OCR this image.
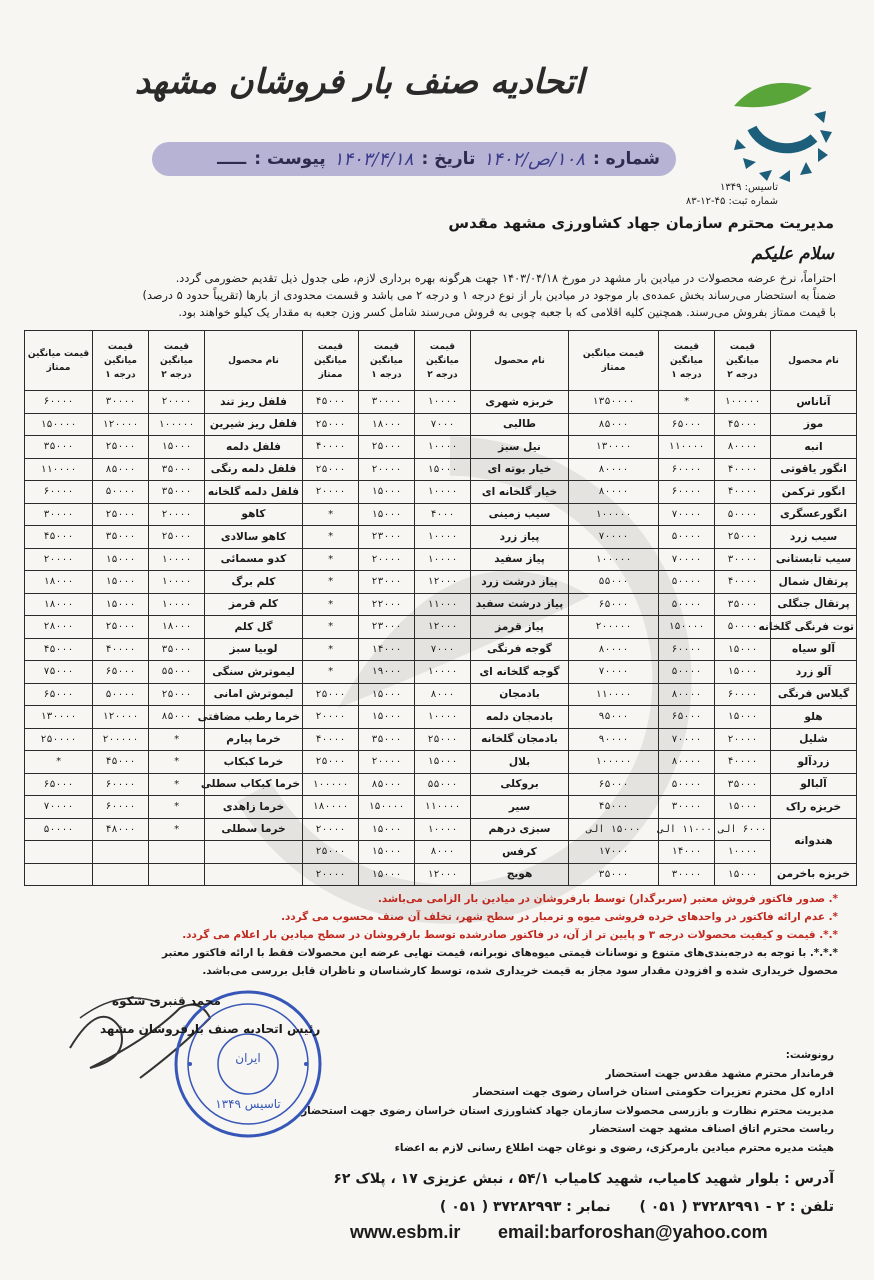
اتحادیه صنف بار فروشان مشهد
تاسیس: ۱۳۴۹
شماره ثبت: ۴۵-۱۲-۸۳
شماره :
۱۰۸/ص/۱۴۰۲
تاریخ :
۱۴۰۳/۴/۱۸
پیوست :
ـــــ
مدیریت محترم سازمان جهاد کشاورزی مشهد مقدس
سلام علیکم

احتراماً، نرخ عرضه محصولات در میادین بار مشهد در مورخ ۱۴۰۳/۰۴/۱۸ جهت هرگونه بهره برداری لازم، طی جدول ذیل تقدیم حضورمی گردد.

ضمناً به استحضار می‌رساند بخش عمده‌ی بار موجود در میادین بار از نوع درجه ۱ و درجه ۲ می باشد و قسمت محدودی از بارها (تقریباً حدود ۵ درصد)

با قیمت ممتاز بفروش می‌رسند. همچنین کلیه اقلامی که با جعبه چوبی به فروش می‌رسند شامل کسر وزن جعبه به مقدار یک کیلو خواهند بود.

نام محصول	قیمت میانگین درجه ۲	قیمت میانگین درجه ۱	قیمت میانگین ممتاز	نام محصول	قیمت میانگین درجه ۲	قیمت میانگین درجه ۱	قیمت میانگین ممتاز	نام محصول	قیمت میانگین درجه ۲	قیمت میانگین درجه ۱	قیمت میانگین ممتاز
آناناس	۱۰۰۰۰۰	*	۱۳۵۰۰۰۰	خربزه شهری	۱۰۰۰۰	۳۰۰۰۰	۴۵۰۰۰	فلفل ریز تند	۲۰۰۰۰	۳۰۰۰۰	۶۰۰۰۰
موز	۴۵۰۰۰	۶۵۰۰۰	۸۵۰۰۰	طالبی	۷۰۰۰	۱۸۰۰۰	۲۵۰۰۰	فلفل ریز شیرین	۱۰۰۰۰۰	۱۲۰۰۰۰	۱۵۰۰۰۰
انبه	۸۰۰۰۰	۱۱۰۰۰۰	۱۳۰۰۰۰	نیل سبز	۱۰۰۰۰	۲۵۰۰۰	۴۰۰۰۰	فلفل دلمه	۱۵۰۰۰	۲۵۰۰۰	۳۵۰۰۰
انگور یاقوتی	۴۰۰۰۰	۶۰۰۰۰	۸۰۰۰۰	خیار بوته ای	۱۵۰۰۰	۲۰۰۰۰	۲۵۰۰۰	فلفل دلمه رنگی	۳۵۰۰۰	۸۵۰۰۰	۱۱۰۰۰۰
انگور ترکمن	۴۰۰۰۰	۶۰۰۰۰	۸۰۰۰۰	خیار گلخانه ای	۱۰۰۰۰	۱۵۰۰۰	۲۰۰۰۰	فلفل دلمه گلخانه	۳۵۰۰۰	۵۰۰۰۰	۶۰۰۰۰
انگورعسگری	۵۰۰۰۰	۷۰۰۰۰	۱۰۰۰۰۰	سیب زمینی	۴۰۰۰	۱۵۰۰۰	*	کاهو	۲۰۰۰۰	۲۵۰۰۰	۳۰۰۰۰
سیب زرد	۲۵۰۰۰	۵۰۰۰۰	۷۰۰۰۰	پیاز زرد	۱۰۰۰۰	۲۳۰۰۰	*	کاهو سالادی	۲۵۰۰۰	۳۵۰۰۰	۴۵۰۰۰
سیب تابستانی	۳۰۰۰۰	۷۰۰۰۰	۱۰۰۰۰۰	پیاز سفید	۱۰۰۰۰	۲۰۰۰۰	*	کدو مسمائی	۱۰۰۰۰	۱۵۰۰۰	۲۰۰۰۰
پرتقال شمال	۴۰۰۰۰	۵۰۰۰۰	۵۵۰۰۰	پیاز درشت زرد	۱۲۰۰۰	۲۳۰۰۰	*	کلم برگ	۱۰۰۰۰	۱۵۰۰۰	۱۸۰۰۰
پرتقال جنگلی	۳۵۰۰۰	۵۰۰۰۰	۶۵۰۰۰	پیاز درشت سفید	۱۱۰۰۰	۲۲۰۰۰	*	کلم قرمز	۱۰۰۰۰	۱۵۰۰۰	۱۸۰۰۰
توت فرنگی گلخانه	۵۰۰۰۰	۱۵۰۰۰۰	۲۰۰۰۰۰	پیاز قرمز	۱۲۰۰۰	۲۳۰۰۰	*	گل کلم	۱۸۰۰۰	۲۵۰۰۰	۲۸۰۰۰
آلو سیاه	۱۵۰۰۰	۶۰۰۰۰	۸۰۰۰۰	گوجه فرنگی	۷۰۰۰	۱۴۰۰۰	*	لوبیا سبز	۳۵۰۰۰	۴۰۰۰۰	۴۵۰۰۰
آلو زرد	۱۵۰۰۰	۵۰۰۰۰	۷۰۰۰۰	گوجه گلخانه ای	۱۰۰۰۰	۱۹۰۰۰	*	لیموترش سنگی	۵۵۰۰۰	۶۵۰۰۰	۷۵۰۰۰
گیلاس فرنگی	۶۰۰۰۰	۸۰۰۰۰	۱۱۰۰۰۰	بادمجان	۸۰۰۰	۱۵۰۰۰	۲۵۰۰۰	لیموترش امانی	۲۵۰۰۰	۵۰۰۰۰	۶۵۰۰۰
هلو	۱۵۰۰۰	۶۵۰۰۰	۹۵۰۰۰	بادمجان دلمه	۱۰۰۰۰	۱۵۰۰۰	۲۰۰۰۰	خرما رطب مضافتی	۸۵۰۰۰	۱۲۰۰۰۰	۱۳۰۰۰۰
شلیل	۲۰۰۰۰	۷۰۰۰۰	۹۰۰۰۰	بادمجان گلخانه	۲۵۰۰۰	۳۵۰۰۰	۴۰۰۰۰	خرما پیارم	*	۲۰۰۰۰۰	۲۵۰۰۰۰
زردآلو	۴۰۰۰۰	۸۰۰۰۰	۱۰۰۰۰۰	بلال	۱۵۰۰۰	۲۰۰۰۰	۲۵۰۰۰	خرما کبکاب	*	۴۵۰۰۰	*
آلبالو	۳۵۰۰۰	۵۰۰۰۰	۶۵۰۰۰	بروکلی	۵۵۰۰۰	۸۵۰۰۰	۱۰۰۰۰۰	خرما کبکاب سطلی	*	۶۰۰۰۰	۶۵۰۰۰
خربزه راک	۱۵۰۰۰	۳۰۰۰۰	۴۵۰۰۰	سیر	۱۱۰۰۰۰	۱۵۰۰۰۰	۱۸۰۰۰۰	خرما زاهدی	*	۶۰۰۰۰	۷۰۰۰۰
هندوانه	۶۰۰۰ الی	۱۱۰۰۰ الی	۱۵۰۰۰ الی	سبزی درهم	۱۰۰۰۰	۱۵۰۰۰	۲۰۰۰۰	خرما سطلی	*	۴۸۰۰۰	۵۰۰۰۰
	۱۰۰۰۰	۱۴۰۰۰	۱۷۰۰۰	کرفس	۸۰۰۰	۱۵۰۰۰	۲۵۰۰۰				
خربزه باخرمن	۱۵۰۰۰	۳۰۰۰۰	۳۵۰۰۰	هویج	۱۲۰۰۰	۱۵۰۰۰	۲۰۰۰۰				

*. صدور فاکتور فروش معتبر (سربرگدار) توسط بارفروشان در میادین بار الزامی می‌باشد.

*. عدم ارائه فاکتور در واحدهای خرده فروشی میوه و ترمبار در سطح شهر، تخلف آن صنف محسوب می گردد.

*.*. قیمت و کیفیت محصولات درجه ۳ و پایین تر از آن، در فاکتور صادرشده توسط بارفروشان در سطح میادین بار اعلام می گردد.

*.*.*. با توجه به درجه‌بندی‌های متنوع و نوسانات قیمتی میوه‌های نوبرانه، قیمت نهایی عرضه این محصولات فقط با ارائه فاکتور معتبر

محصول خریداری شده و افزودن مقدار سود مجاز به قیمت خریداری شده، توسط کارشناسان و ناظران قابل بررسی می‌باشد.

ایران
تاسیس ۱۳۴۹
محمد قنبری شکوه
رئیس اتحادیه صنف بارفروشان مشهد

رونوشت:

فرماندار محترم مشهد مقدس جهت استحضار

اداره کل محترم تعزیرات حکومتی استان خراسان رضوی جهت استحضار

مدیریت محترم نظارت و بازرسی محصولات سازمان جهاد کشاورزی استان خراسان رضوی جهت استحضار

ریاست محترم اتاق اصناف مشهد جهت استحضار

هیئت مدیره محترم میادین بارمرکزی، رضوی و نوغان جهت اطلاع رسانی لازم به اعضاء

آدرس : بلوار شهید کامیاب، شهید کامیاب ۵۴/۱ ، نبش عزیزی ۱۷ ، پلاک ۶۲
تلفن : ۲ - ۳۷۲۸۲۹۹۱ ( ۰۵۱ ) نمابر : ۳۷۲۸۲۹۹۳ ( ۰۵۱ )
email:barforoshan@yahoo.com
www.esbm.ir
